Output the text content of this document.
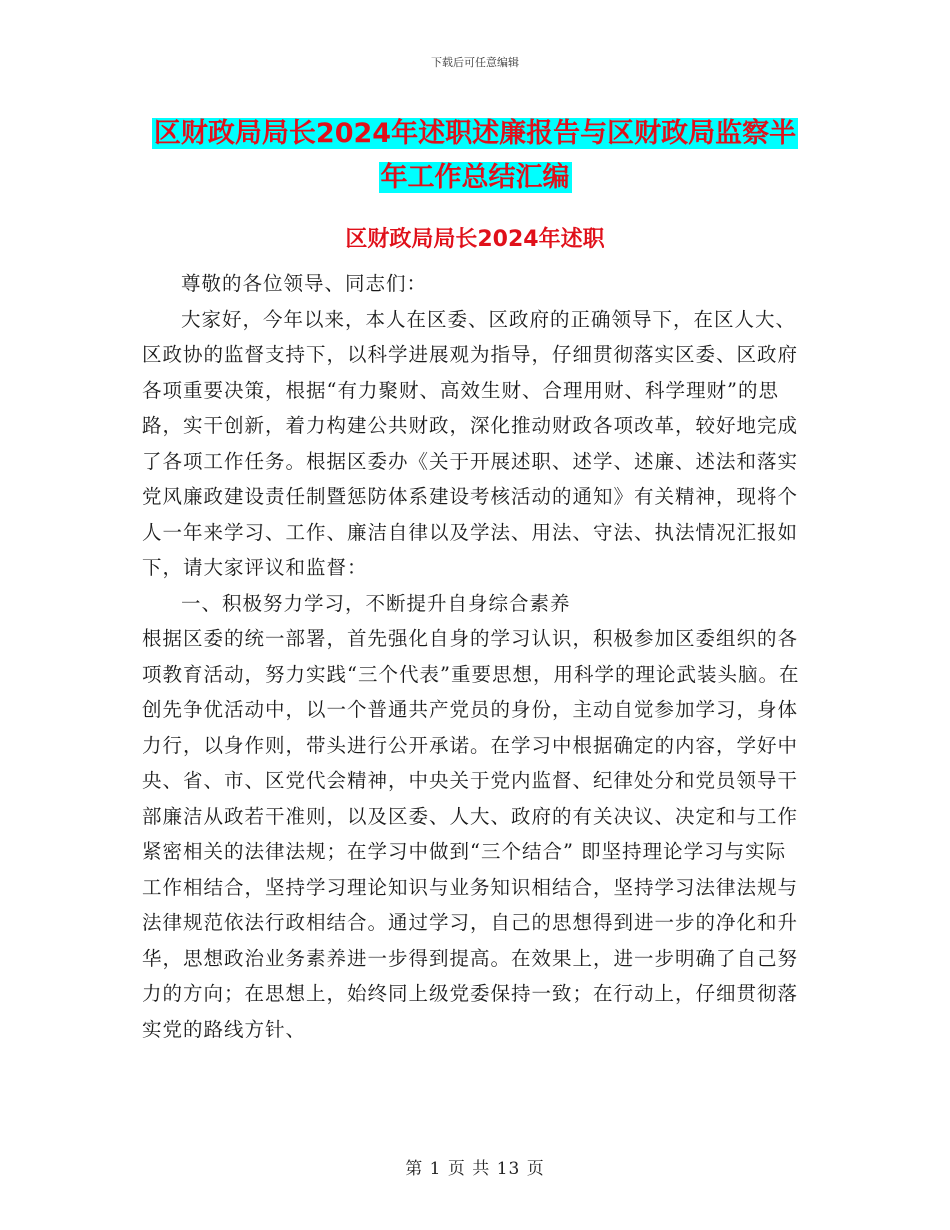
下载后可任意编辑
区财政局局长2024年述职述廉报告与区财政局监察半
年工作总结汇编
区财政局局长2024年述职

尊敬的各位领导、同志们：

大家好，今年以来，本人在区委、区政府的正确领导下，在区人大、区政协的监督支持下，以科学进展观为指导，仔细贯彻落实区委、区政府各项重要决策，根据“有力聚财、高效生财、合理用财、科学理财”的思路，实干创新，着力构建公共财政，深化推动财政各项改革，较好地完成了各项工作任务。根据区委办《关于开展述职、述学、述廉、述法和落实党风廉政建设责任制暨惩防体系建设考核活动的通知》有关精神，现将个人一年来学习、工作、廉洁自律以及学法、用法、守法、执法情况汇报如下，请大家评议和监督：

一、积极努力学习，不断提升自身综合素养

根据区委的统一部署，首先强化自身的学习认识，积极参加区委组织的各项教育活动，努力实践“三个代表”重要思想，用科学的理论武装头脑。在创先争优活动中，以一个普通共产党员的身份，主动自觉参加学习，身体力行，以身作则，带头进行公开承诺。在学习中根据确定的内容，学好中央、省、市、区党代会精神，中央关于党内监督、纪律处分和党员领导干部廉洁从政若干准则，以及区委、人大、政府的有关决议、决定和与工作紧密相关的法律法规；在学习中做到“三个结合” 即坚持理论学习与实际工作相结合，坚持学习理论知识与业务知识相结合，坚持学习法律法规与法律规范依法行政相结合。通过学习，自己的思想得到进一步的净化和升华，思想政治业务素养进一步得到提高。在效果上，进一步明确了自己努力的方向；在思想上，始终同上级党委保持一致；在行动上，仔细贯彻落实党的路线方针、

第 1 页 共 13 页
